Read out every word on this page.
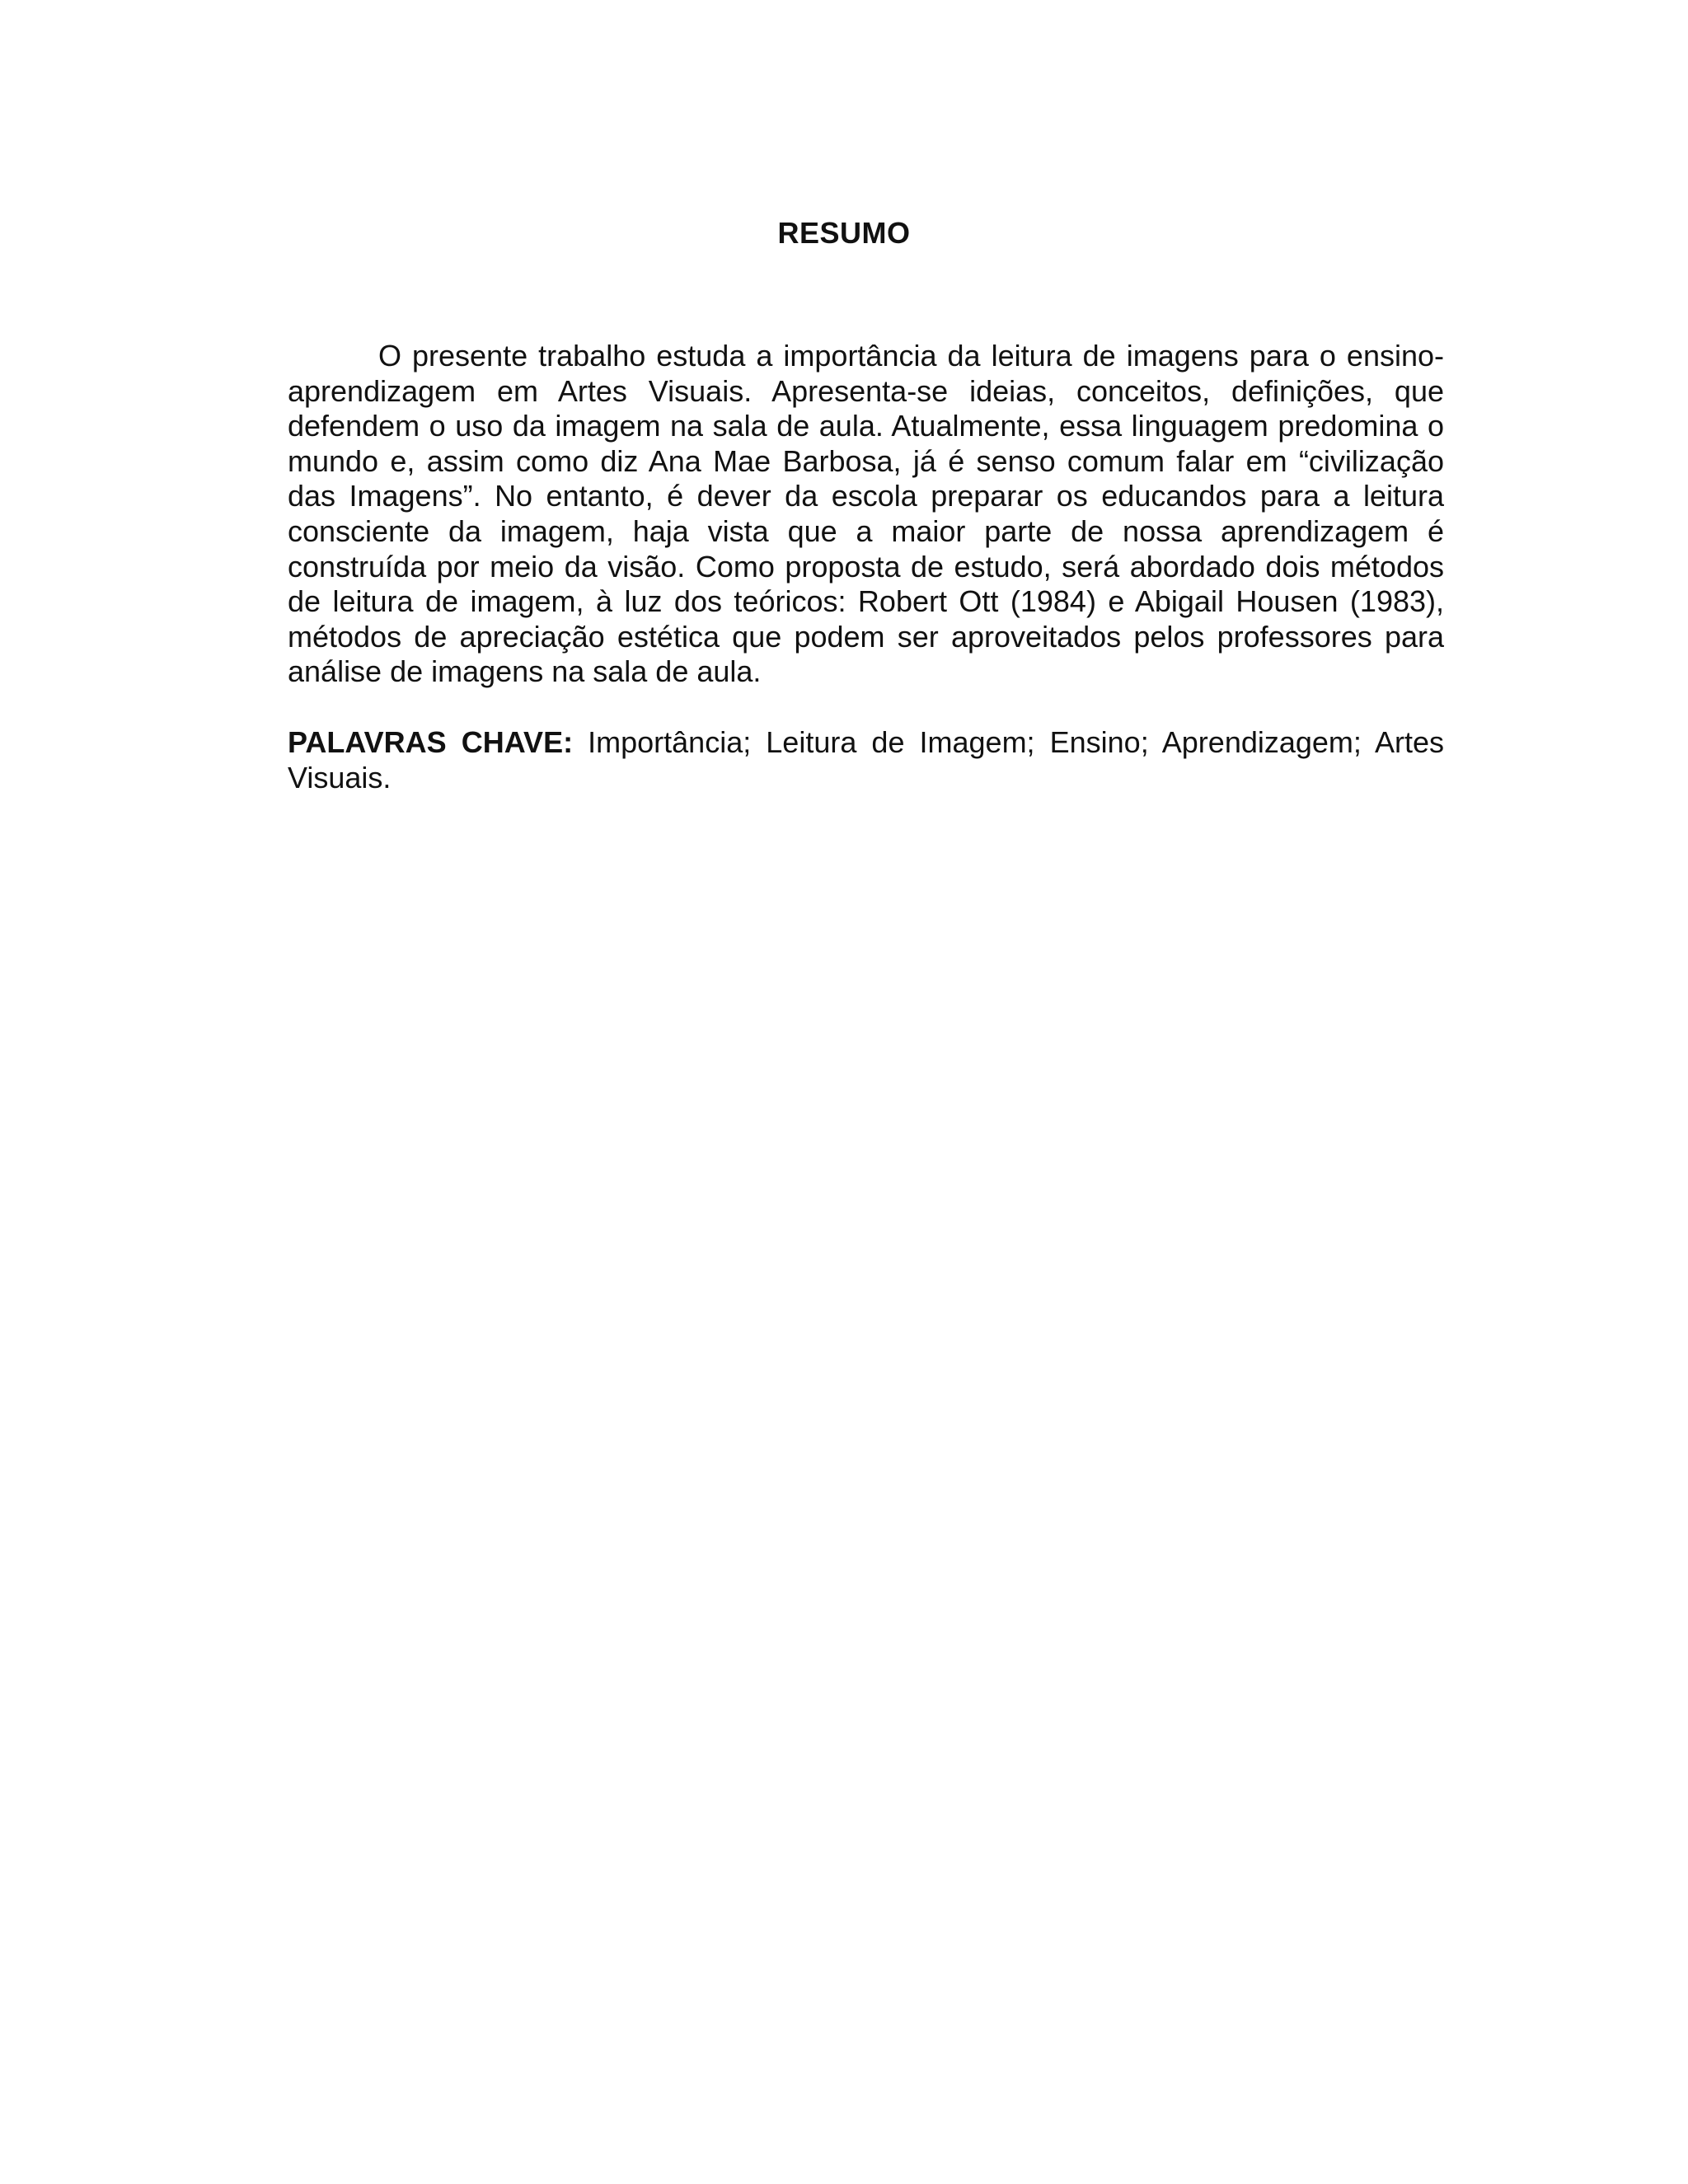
RESUMO

O presente trabalho estuda a importância da leitura de imagens para o ensino-aprendizagem em Artes Visuais. Apresenta-se ideias, conceitos, definições, que defendem o uso da imagem na sala de aula. Atualmente, essa linguagem predomina o mundo e, assim como diz Ana Mae Barbosa, já é senso comum falar em “civilização das Imagens”. No entanto, é dever da escola preparar os educandos para a leitura consciente da imagem, haja vista que a maior parte de nossa aprendizagem é construída por meio da visão. Como proposta de estudo, será abordado dois métodos de leitura de imagem, à luz dos teóricos: Robert Ott (1984) e Abigail Housen (1983), métodos de apreciação estética que podem ser aproveitados pelos professores para análise de imagens na sala de aula.

PALAVRAS CHAVE: Importância; Leitura de Imagem; Ensino; Aprendizagem; Artes Visuais.
